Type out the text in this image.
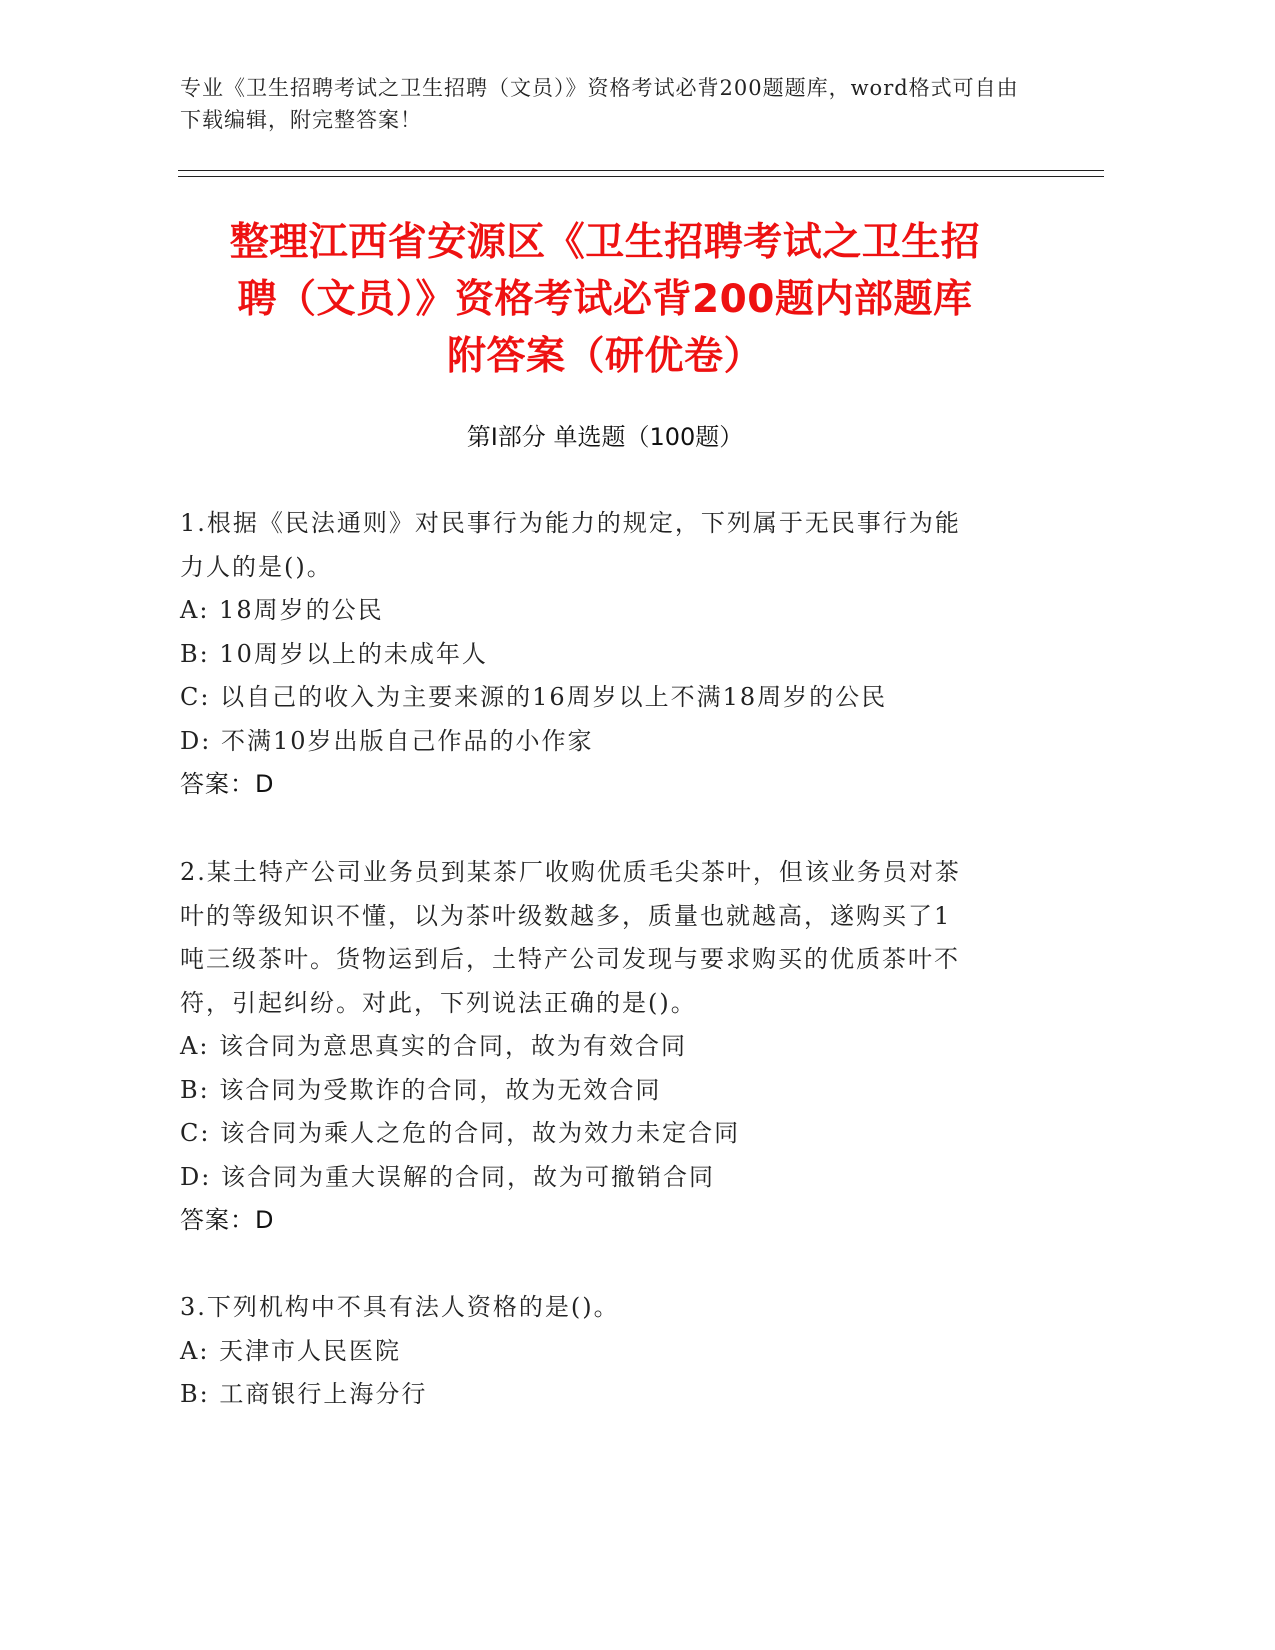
专业《卫生招聘考试之卫生招聘（文员）》资格考试必背200题题库，word格式可自由下载编辑，附完整答案！
整理江西省安源区《卫生招聘考试之卫生招
聘（文员）》资格考试必背200题内部题库
附答案（研优卷）
第Ⅰ部分 单选题（100题）
1.根据《民法通则》对民事行为能力的规定，下列属于无民事行为能
力人的是()。
A: 18周岁的公民
B: 10周岁以上的未成年人
C: 以自己的收入为主要来源的16周岁以上不满18周岁的公民
D: 不满10岁出版自己作品的小作家
答案：D
2.某土特产公司业务员到某茶厂收购优质毛尖茶叶，但该业务员对茶
叶的等级知识不懂，以为茶叶级数越多，质量也就越高，遂购买了1
吨三级茶叶。货物运到后，土特产公司发现与要求购买的优质茶叶不
符，引起纠纷。对此，下列说法正确的是()。
A: 该合同为意思真实的合同，故为有效合同
B: 该合同为受欺诈的合同，故为无效合同
C: 该合同为乘人之危的合同，故为效力未定合同
D: 该合同为重大误解的合同，故为可撤销合同
答案：D
3.下列机构中不具有法人资格的是()。
A: 天津市人民医院
B: 工商银行上海分行
